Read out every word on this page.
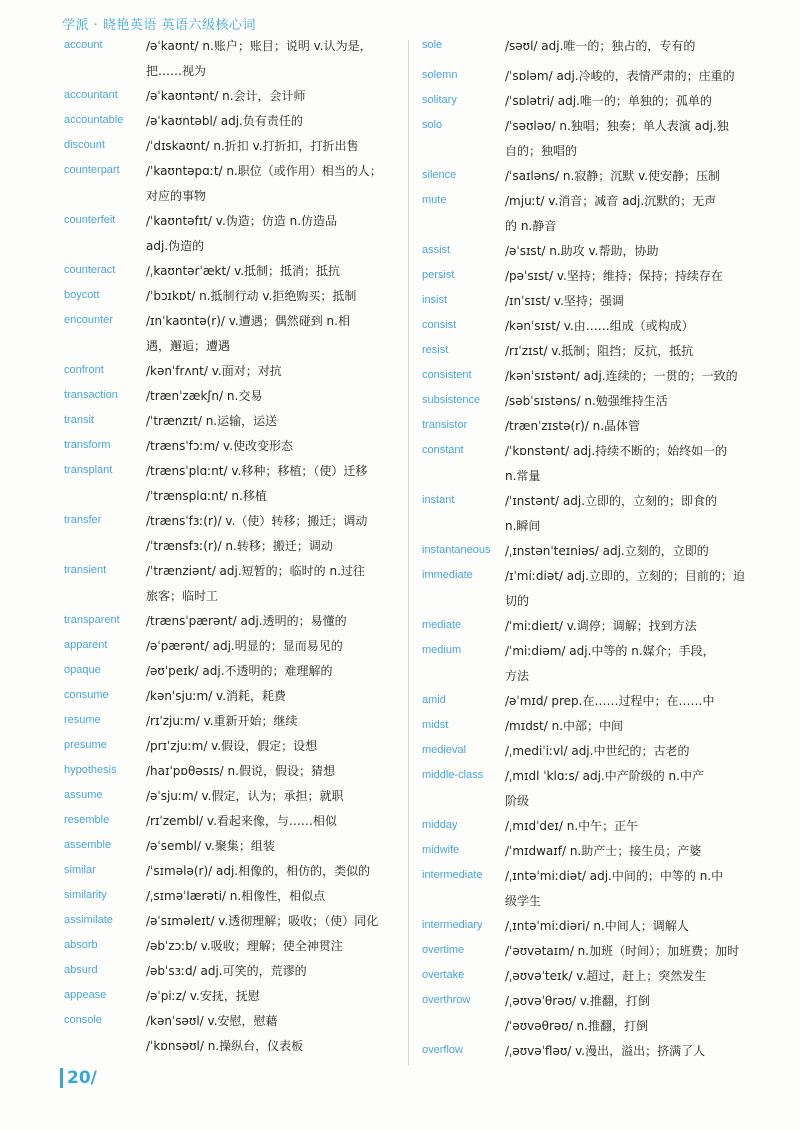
学派 · 晓艳英语 英语六级核心词
account	/əˈkaʊnt/ n.账户；账目；说明 v.认为是，
把……视为
accountant /əˈkaʊntənt/ n.会计，会计师
accountable /əˈkaʊntəbl/ adj.负有责任的
discount	/ˈdɪskaʊnt/ n.折扣 v.打折扣，打折出售
counterpart /ˈkaʊntəpɑːt/ n.职位（或作用）相当的人；
对应的事物
counterfeit	/ˈkaʊntəfɪt/ v.伪造；仿造 n.仿造品
adj.伪造的
counteract	/ˌkaʊntərˈækt/ v.抵制；抵消；抵抗
boycott	/ˈbɔɪkɒt/ n.抵制行动 v.拒绝购买；抵制
encounter	/ɪnˈkaʊntə(r)/ v.遭遇；偶然碰到 n.相
遇，邂逅；遭遇
confront	/kənˈfrʌnt/ v.面对；对抗
transaction /trænˈzækʃn/ n.交易
transit	/ˈtrænzɪt/ n.运输，运送
transform	/trænsˈfɔːm/ v.使改变形态
transplant	/trænsˈplɑːnt/ v.移种；移植；（使）迁移
/ˈtrænsplɑːnt/ n.移植
transfer	/trænsˈfɜː(r)/ v.（使）转移；搬迁；调动
/ˈtrænsfɜː(r)/ n.转移；搬迁；调动
transient	/ˈtrænziənt/ adj.短暂的；临时的 n.过往
旅客；临时工
transparent /trænsˈpærənt/ adj.透明的；易懂的
apparent	/əˈpærənt/ adj.明显的；显而易见的
opaque	/əʊˈpeɪk/ adj.不透明的；难理解的
consume	/kənˈsjuːm/ v.消耗，耗费
resume	/rɪˈzjuːm/ v.重新开始；继续
presume	/prɪˈzjuːm/ v.假设，假定；设想
hypothesis /haɪˈpɒθəsɪs/ n.假说，假设；猜想
assume	/əˈsjuːm/ v.假定，认为；承担；就职
resemble	/rɪˈzembl/ v.看起来像，与……相似
assemble	/əˈsembl/ v.聚集；组装
similar	/ˈsɪmələ(r)/ adj.相像的，相仿的，类似的
similarity	/ˌsɪməˈlærəti/ n.相像性，相似点
assimilate	/əˈsɪməleɪt/ v.透彻理解；吸收；（使）同化
absorb	/əbˈzɔːb/ v.吸收；理解；使全神贯注
absurd	/əbˈsɜːd/ adj.可笑的，荒谬的
appease	/əˈpiːz/ v.安抚，抚慰
console	/kənˈsəʊl/ v.安慰，慰藉
/ˈkɒnsəʊl/ n.操纵台，仪表板
sole	/səʊl/ adj.唯一的；独占的，专有的
solemn	/ˈsɒləm/ adj.冷峻的，表情严肃的；庄重的
solitary	/ˈsɒlətri/ adj.唯一的；单独的；孤单的
solo	/ˈsəʊləʊ/ n.独唱；独奏；单人表演 adj.独
自的；独唱的
silence	/ˈsaɪləns/ n.寂静；沉默 v.使安静；压制
mute	/mjuːt/ v.消音；减音 adj.沉默的；无声
的 n.静音
assist	/əˈsɪst/ n.助攻 v.帮助，协助
persist	/pəˈsɪst/ v.坚持；维持；保持；持续存在
insist	/ɪnˈsɪst/ v.坚持；强调
consist	/kənˈsɪst/ v.由……组成（或构成）
resist	/rɪˈzɪst/ v.抵制；阻挡；反抗，抵抗
consistent	/kənˈsɪstənt/ adj.连续的；一贯的；一致的
subsistence /səbˈsɪstəns/ n.勉强维持生活
transistor	/trænˈzɪstə(r)/ n.晶体管
constant	/ˈkɒnstənt/ adj.持续不断的；始终如一的
n.常量
instant	/ˈɪnstənt/ adj.立即的，立刻的；即食的
n.瞬间
instantaneous /ˌɪnstənˈteɪniəs/ adj.立刻的，立即的
immediate	/ɪˈmiːdiət/ adj.立即的，立刻的；目前的；迫
切的
mediate	/ˈmiːdieɪt/ v.调停；调解；找到方法
medium	/ˈmiːdiəm/ adj.中等的 n.媒介；手段，
方法
amid	/əˈmɪd/ prep.在……过程中；在……中
midst	/mɪdst/ n.中部；中间
medieval	/ˌmediˈiːvl/ adj.中世纪的；古老的
middle-class /ˌmɪdl ˈklɑːs/ adj.中产阶级的 n.中产
阶级
midday	/ˌmɪdˈdeɪ/ n.中午；正午
midwife	/ˈmɪdwaɪf/ n.助产士；接生员；产婆
intermediate /ˌɪntəˈmiːdiət/ adj.中间的；中等的 n.中
级学生
intermediary /ˌɪntəˈmiːdiəri/ n.中间人；调解人
overtime	/ˈəʊvətaɪm/ n.加班（时间）；加班费；加时
overtake	/ˌəʊvəˈteɪk/ v.超过，赶上；突然发生
overthrow	/ˌəʊvəˈθrəʊ/ v.推翻，打倒
/ˈəʊvəθrəʊ/ n.推翻，打倒
overflow	/ˌəʊvəˈfləʊ/ v.漫出，溢出；挤满了人
20/
